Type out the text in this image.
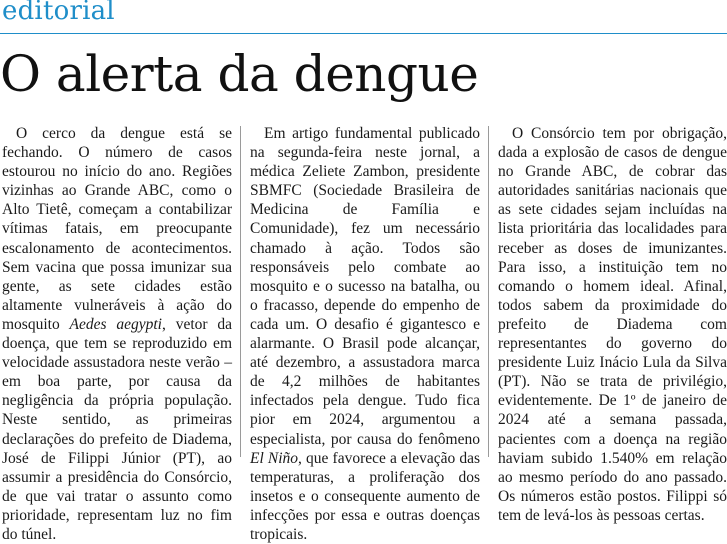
editorial
O alerta da dengue

O cerco da dengue está se fechando. O número de casos estourou no início do ano. Regiões vizinhas ao Grande ABC, como o Alto Tietê, começam a contabilizar vítimas fatais, em preocupante escalonamento de acontecimentos. Sem vacina que possa imunizar sua gente, as sete cidades estão altamente vulneráveis à ação do mosquito Aedes aegypti, vetor da doença, que tem se reproduzido em velocidade assustadora neste verão – em boa parte, por causa da negligência da própria população. Neste sentido, as primeiras declarações do prefeito de Diadema, José de Filippi Júnior (PT), ao assumir a presidência do Consórcio, de que vai tratar o assunto como prioridade, representam luz no fim do túnel.

Em artigo fundamental publicado na segunda-feira neste jornal, a médica Zeliete Zambon, presidente SBMFC (Sociedade Brasileira de Medicina de Família e Comunidade), fez um necessário chamado à ação. Todos são responsáveis pelo combate ao mosquito e o sucesso na batalha, ou o fracasso, depende do empenho de cada um. O desafio é gigantesco e alarmante. O Brasil pode alcançar, até dezembro, a assustadora marca de 4,2 milhões de habitantes infectados pela dengue. Tudo fica pior em 2024, argumentou a especialista, por causa do fenômeno El Niño, que favorece a elevação das temperaturas, a proliferação dos insetos e o consequente aumento de infecções por essa e outras doenças tropicais.

O Consórcio tem por obrigação, dada a explosão de casos de dengue no Grande ABC, de cobrar das autoridades sanitárias nacionais que as sete cidades sejam incluídas na lista prioritária das localidades para receber as doses de imunizantes. Para isso, a instituição tem no comando o homem ideal. Afinal, todos sabem da proximidade do prefeito de Diadema com representantes do governo do presidente Luiz Inácio Lula da Silva (PT). Não se trata de privilégio, evidentemente. De 1º de janeiro de 2024 até a semana passada, pacientes com a doença na região haviam subido 1.540% em relação ao mesmo período do ano passado. Os números estão postos. Filippi só tem de levá-los às pessoas certas.
